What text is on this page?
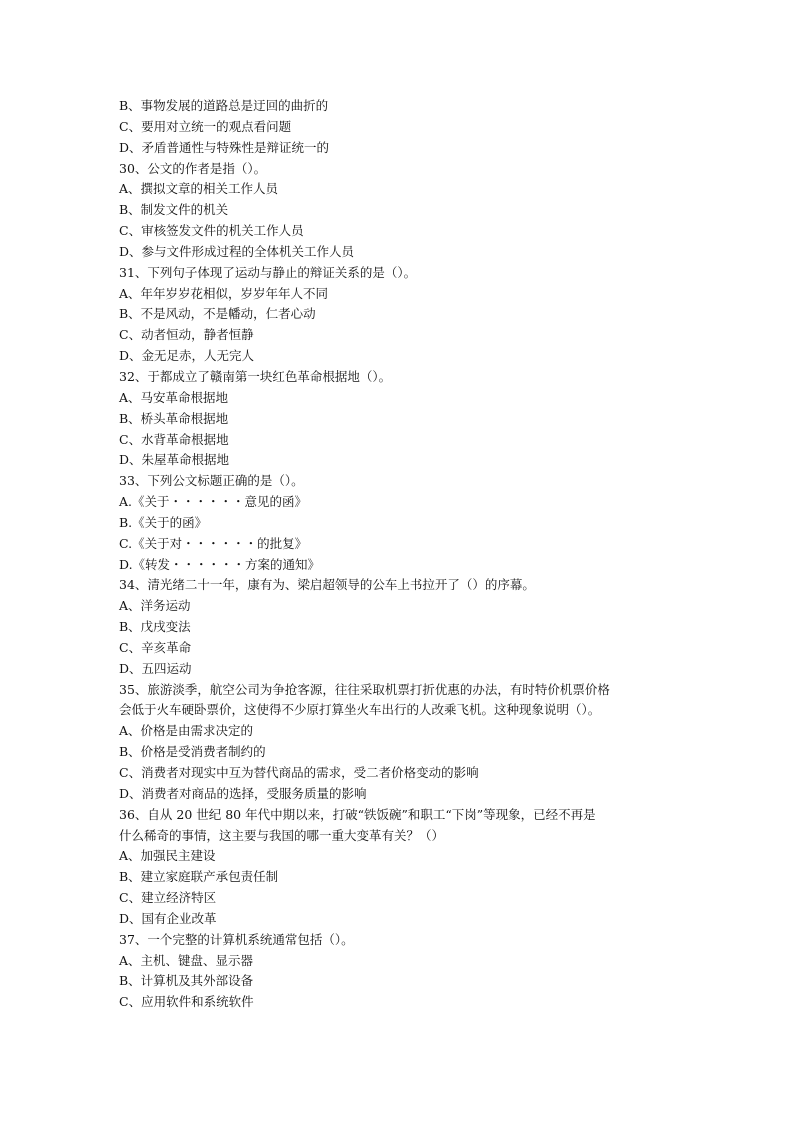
B、事物发展的道路总是迂回的曲折的
C、要用对立统一的观点看问题
D、矛盾普通性与特殊性是辩证统一的
30、公文的作者是指（）。
A、撰拟文章的相关工作人员
B、制发文件的机关
C、审核签发文件的机关工作人员
D、参与文件形成过程的全体机关工作人员
31、下列句子体现了运动与静止的辩证关系的是（）。
A、年年岁岁花相似，岁岁年年人不同
B、不是风动，不是幡动，仁者心动
C、动者恒动，静者恒静
D、金无足赤，人无完人
32、于都成立了赣南第一块红色革命根据地（）。
A、马安革命根据地
B、桥头革命根据地
C、水背革命根据地
D、朱屋革命根据地
33、下列公文标题正确的是（）。
A.《关于・・・・・・意见的函》
B.《关于的函》
C.《关于对・・・・・・的批复》
D.《转发・・・・・・方案的通知》
34、清光绪二十一年，康有为、梁启超领导的公车上书拉开了（）的序幕。
A、洋务运动
B、戊戌变法
C、辛亥革命
D、五四运动
35、旅游淡季，航空公司为争抢客源，往往采取机票打折优惠的办法，有时特价机票价格
会低于火车硬卧票价，这使得不少原打算坐火车出行的人改乘飞机。这种现象说明（）。
A、价格是由需求决定的
B、价格是受消费者制约的
C、消费者对现实中互为替代商品的需求，受二者价格变动的影响
D、消费者对商品的选择，受服务质量的影响
36、自从 20 世纪 80 年代中期以来，打破“铁饭碗”和职工“下岗”等现象，已经不再是
什么稀奇的事情，这主要与我国的哪一重大变革有关？（）
A、加强民主建设
B、建立家庭联产承包责任制
C、建立经济特区
D、国有企业改革
37、一个完整的计算机系统通常包括（）。
A、主机、键盘、显示器
B、计算机及其外部设备
C、应用软件和系统软件
